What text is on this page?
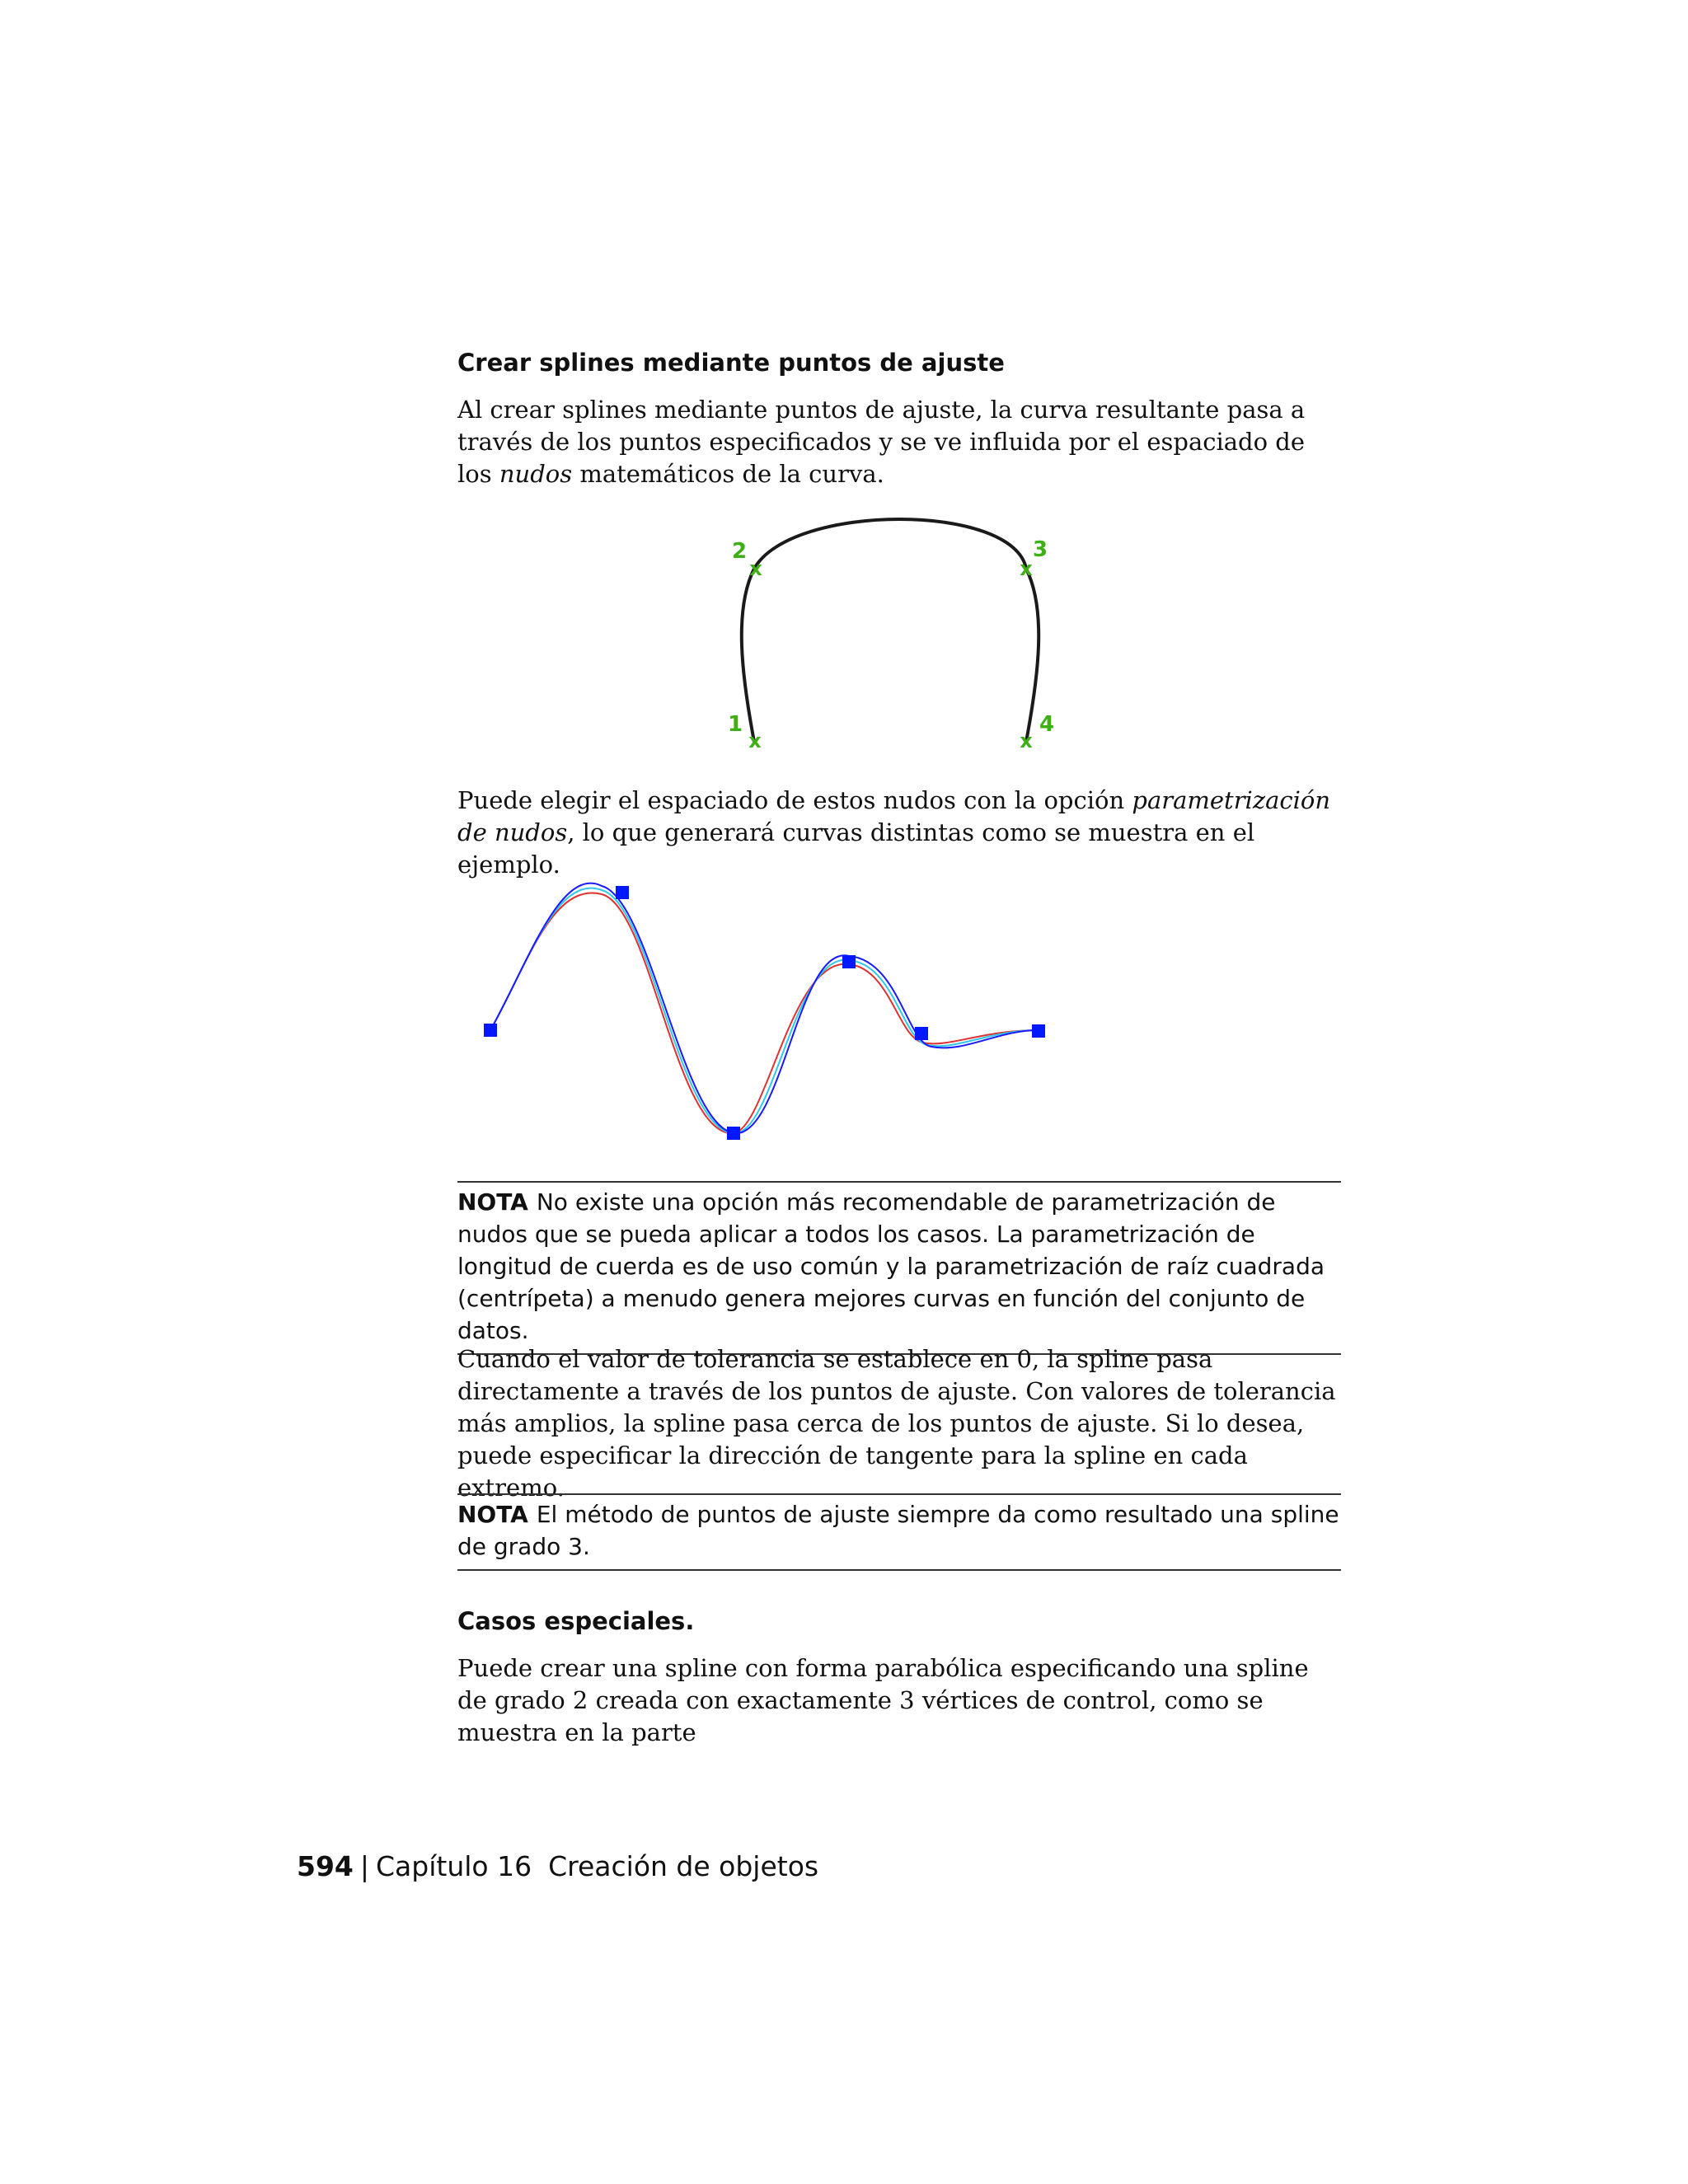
Crear splines mediante puntos de ajuste

Al crear splines mediante puntos de ajuste, la curva resultante pasa a través de los puntos especificados y se ve influida por el espaciado de los nudos matemáticos de la curva.

x
1
x
2
x
3
x
4

Puede elegir el espaciado de estos nudos con la opción parametrización de nudos, lo que generará curvas distintas como se muestra en el ejemplo.

NOTA No existe una opción más recomendable de parametrización de nudos que se pueda aplicar a todos los casos. La parametrización de longitud de cuerda es de uso común y la parametrización de raíz cuadrada (centrípeta) a menudo genera mejores curvas en función del conjunto de datos.

Cuando el valor de tolerancia se establece en 0, la spline pasa directamente a través de los puntos de ajuste. Con valores de tolerancia más amplios, la spline pasa cerca de los puntos de ajuste. Si lo desea, puede especificar la dirección de tangente para la spline en cada extremo.

NOTA El método de puntos de ajuste siempre da como resultado una spline de grado 3.
Casos especiales.

Puede crear una spline con forma parabólica especificando una spline de grado 2 creada con exactamente 3 vértices de control, como se muestra en la parte

594 | Capítulo 16 Creación de objetos
